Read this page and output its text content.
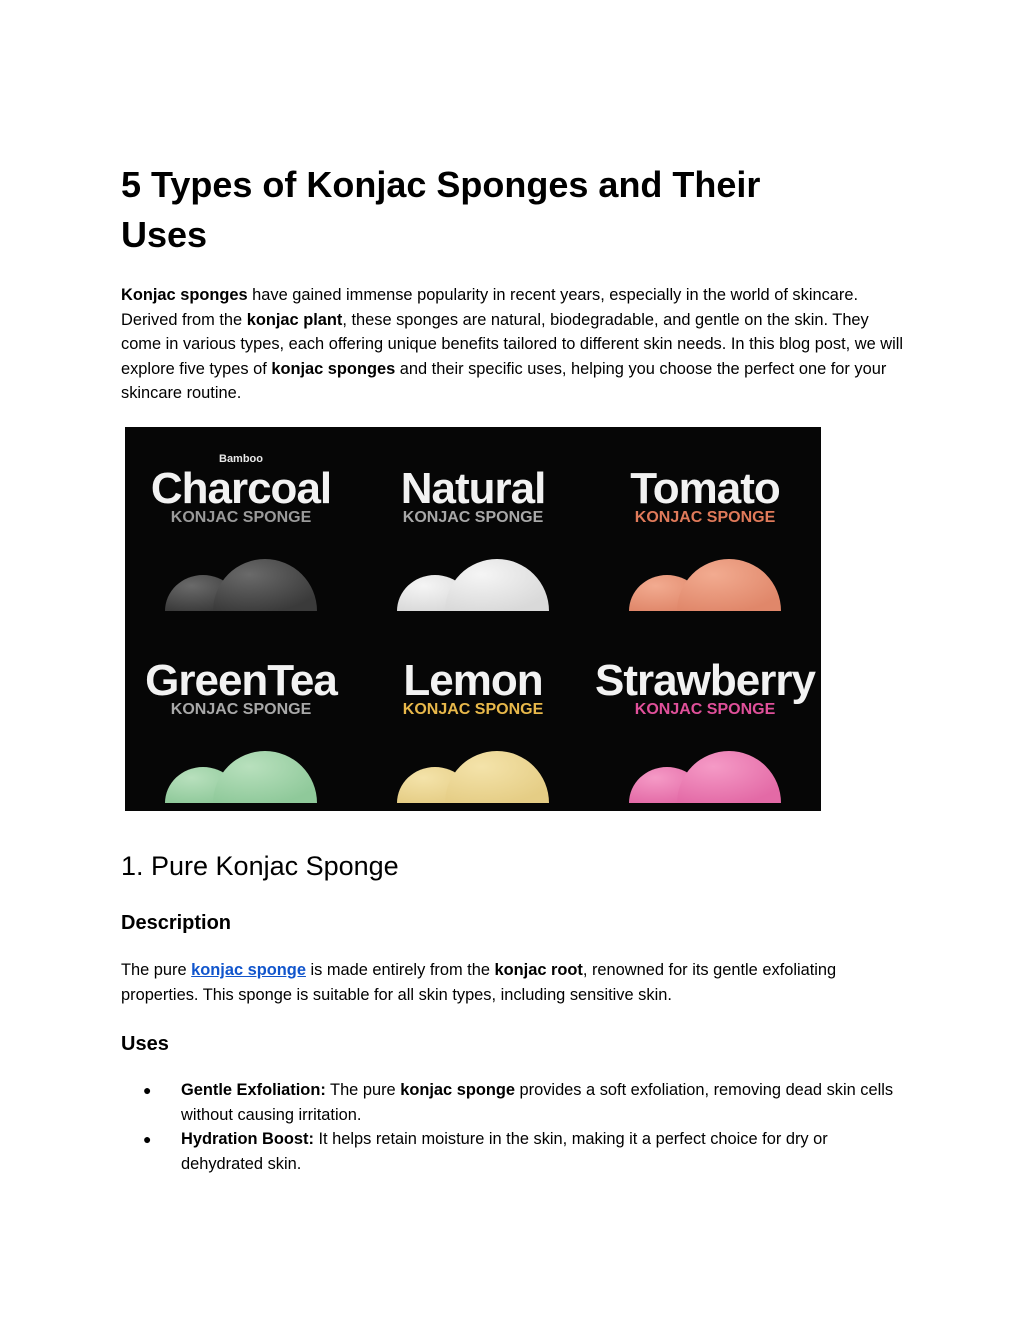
5 Types of Konjac Sponges and Their Uses

Konjac sponges have gained immense popularity in recent years, especially in the world of skincare. Derived from the konjac plant, these sponges are natural, biodegradable, and gentle on the skin. They come in various types, each offering unique benefits tailored to different skin needs. In this blog post, we will explore five types of konjac sponges and their specific uses, helping you choose the perfect one for your skincare routine.

Bamboo
Charcoal
KONJAC SPONGE
Natural
KONJAC SPONGE
Tomato
KONJAC SPONGE
GreenTea
KONJAC SPONGE
Lemon
KONJAC SPONGE
Strawberry
KONJAC SPONGE
1. Pure Konjac Sponge
Description

The pure konjac sponge is made entirely from the konjac root, renowned for its gentle exfoliating properties. This sponge is suitable for all skin types, including sensitive skin.

Uses
● Gentle Exfoliation: The pure konjac sponge provides a soft exfoliation, removing dead skin cells without causing irritation.
● Hydration Boost: It helps retain moisture in the skin, making it a perfect choice for dry or dehydrated skin.
